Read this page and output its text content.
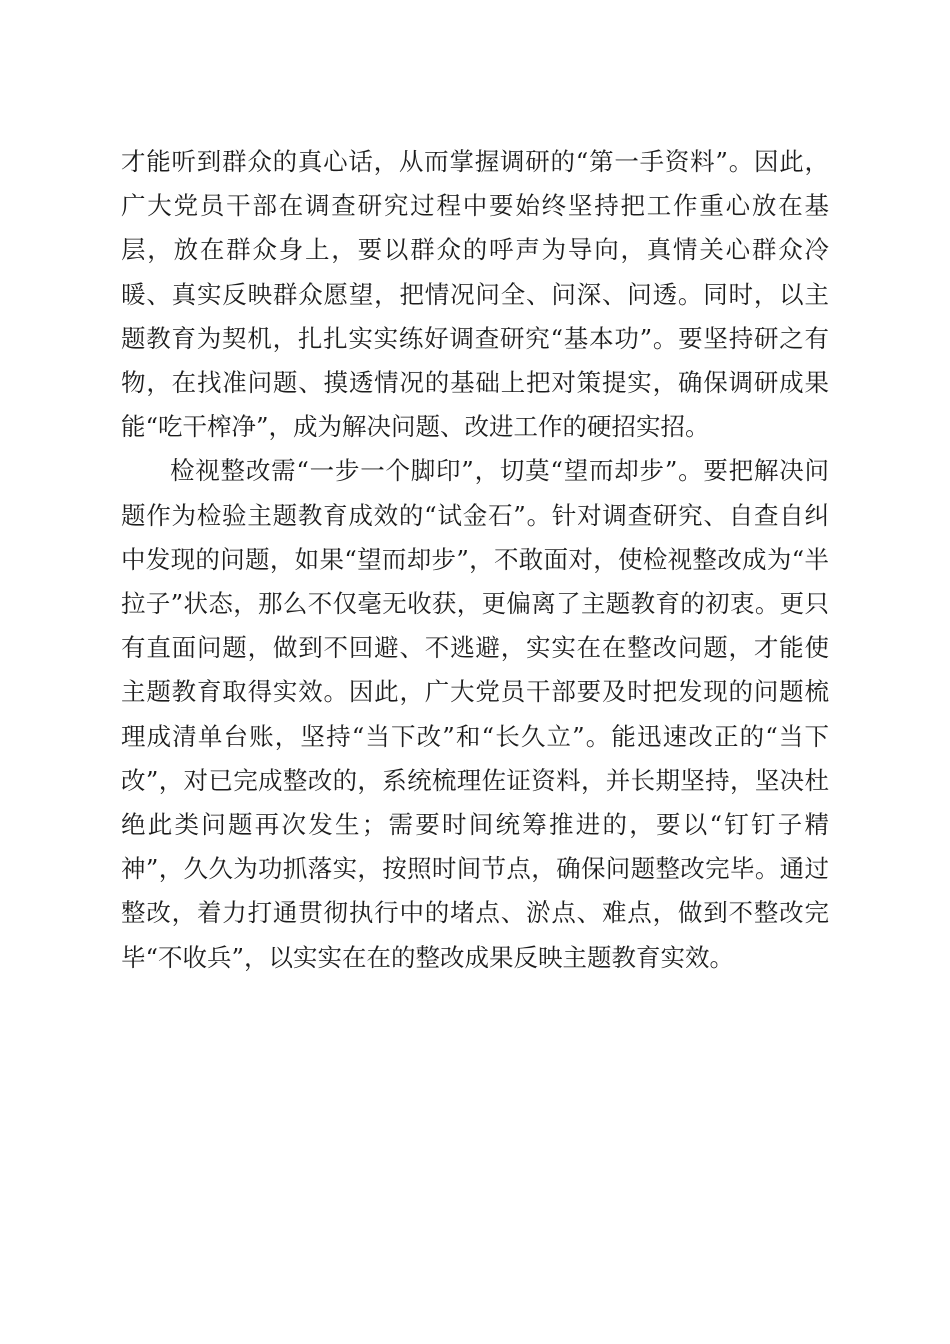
才能听到群众的真心话，从而掌握调研的“第一手资料”。因此，广大党员干部在调查研究过程中要始终坚持把工作重心放在基层，放在群众身上，要以群众的呼声为导向，真情关心群众冷暖、真实反映群众愿望，把情况问全、问深、问透。同时，以主题教育为契机，扎扎实实练好调查研究“基本功”。要坚持研之有物，在找准问题、摸透情况的基础上把对策提实，确保调研成果能“吃干榨净”，成为解决问题、改进工作的硬招实招。

检视整改需“一步一个脚印”，切莫“望而却步”。要把解决问题作为检验主题教育成效的“试金石”。针对调查研究、自查自纠中发现的问题，如果“望而却步”，不敢面对，使检视整改成为“半拉子”状态，那么不仅毫无收获，更偏离了主题教育的初衷。更只有直面问题，做到不回避、不逃避，实实在在整改问题，才能使主题教育取得实效。因此，广大党员干部要及时把发现的问题梳理成清单台账，坚持“当下改”和“长久立”。能迅速改正的“当下改”，对已完成整改的，系统梳理佐证资料，并长期坚持，坚决杜绝此类问题再次发生；需要时间统筹推进的，要以“钉钉子精神”，久久为功抓落实，按照时间节点，确保问题整改完毕。通过整改，着力打通贯彻执行中的堵点、淤点、难点，做到不整改完毕“不收兵”，以实实在在的整改成果反映主题教育实效。
